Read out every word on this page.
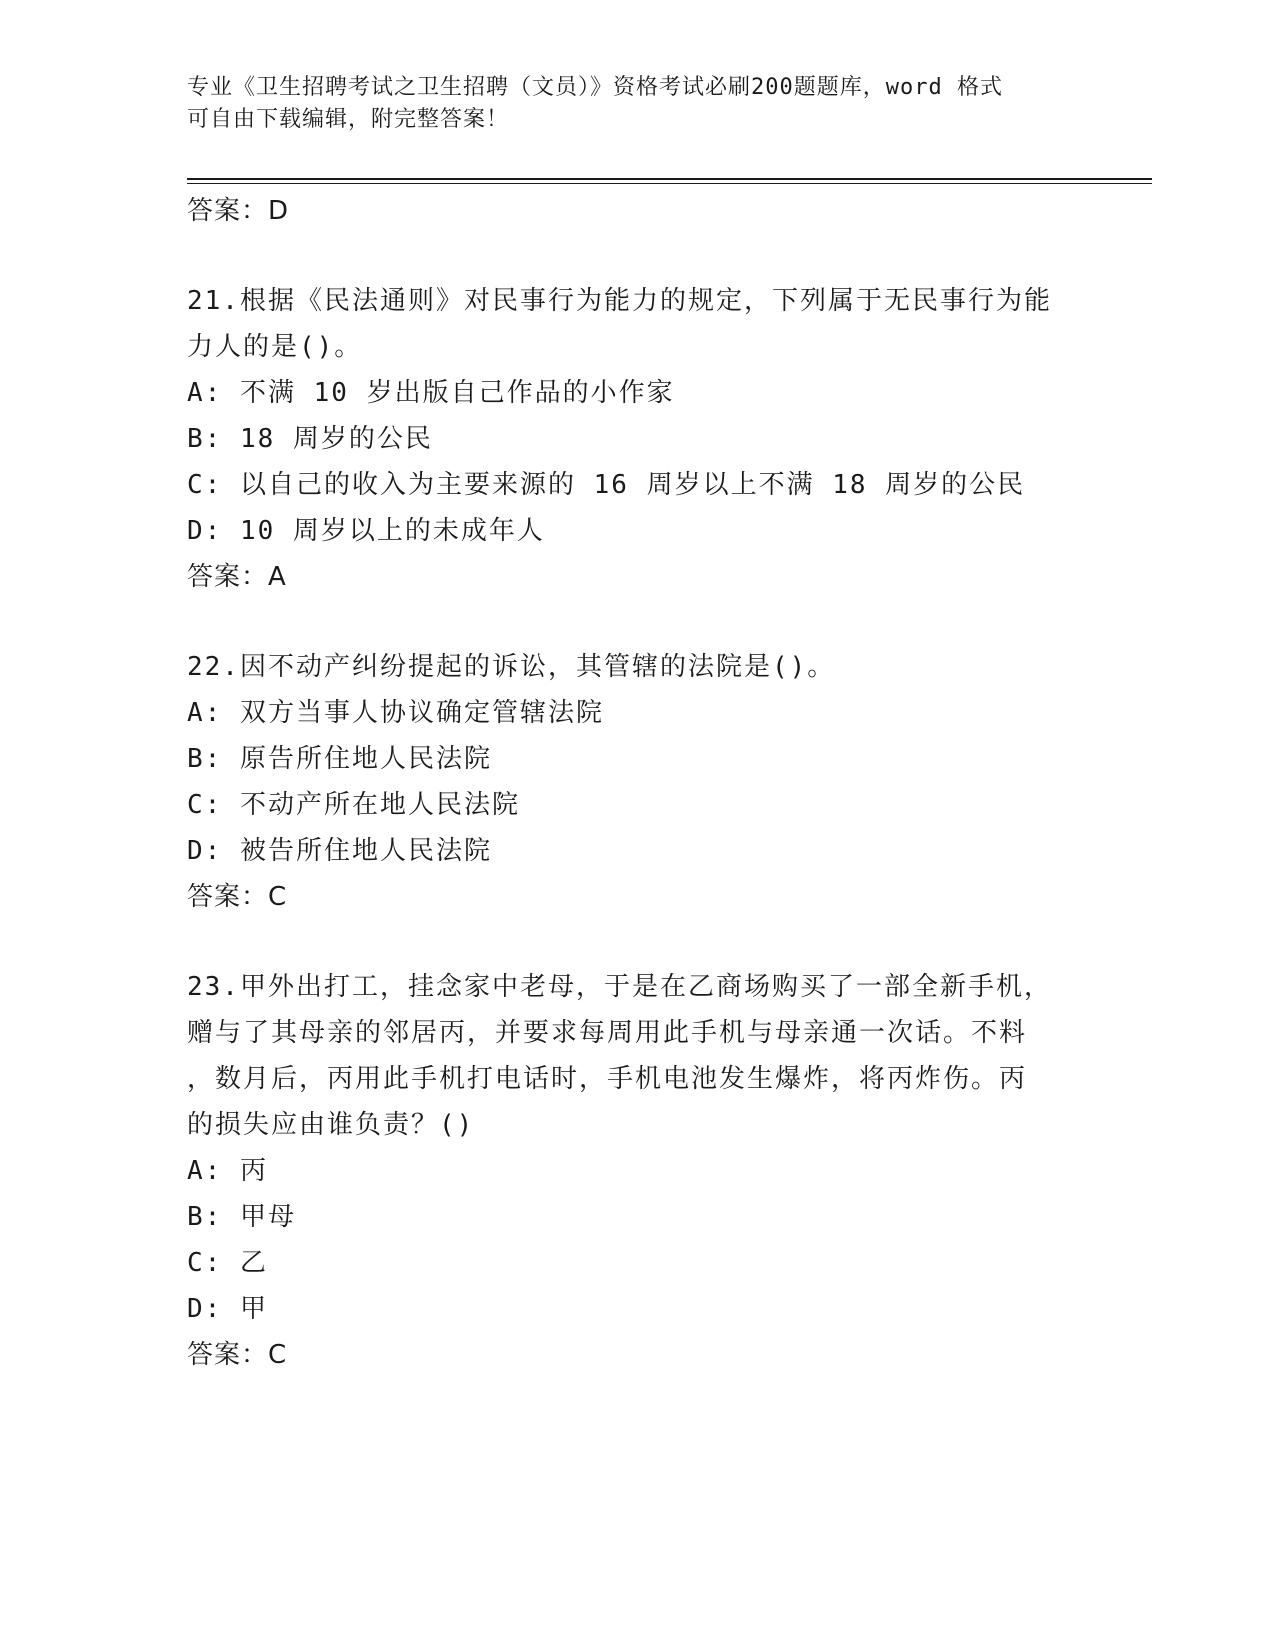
专业《卫生招聘考试之卫生招聘（文员）》资格考试必刷200题题库，word 格式
可自由下载编辑，附完整答案！
答案：D
21.根据《民法通则》对民事行为能力的规定，下列属于无民事行为能
力人的是()。
A: 不满 10 岁出版自己作品的小作家
B: 18 周岁的公民
C: 以自己的收入为主要来源的 16 周岁以上不满 18 周岁的公民
D: 10 周岁以上的未成年人
答案：A
22.因不动产纠纷提起的诉讼，其管辖的法院是()。
A: 双方当事人协议确定管辖法院
B: 原告所住地人民法院
C: 不动产所在地人民法院
D: 被告所住地人民法院
答案：C
23.甲外出打工，挂念家中老母，于是在乙商场购买了一部全新手机，
赠与了其母亲的邻居丙，并要求每周用此手机与母亲通一次话。不料
，数月后，丙用此手机打电话时，手机电池发生爆炸，将丙炸伤。丙
的损失应由谁负责？()
A: 丙
B: 甲母
C: 乙
D: 甲
答案：C
